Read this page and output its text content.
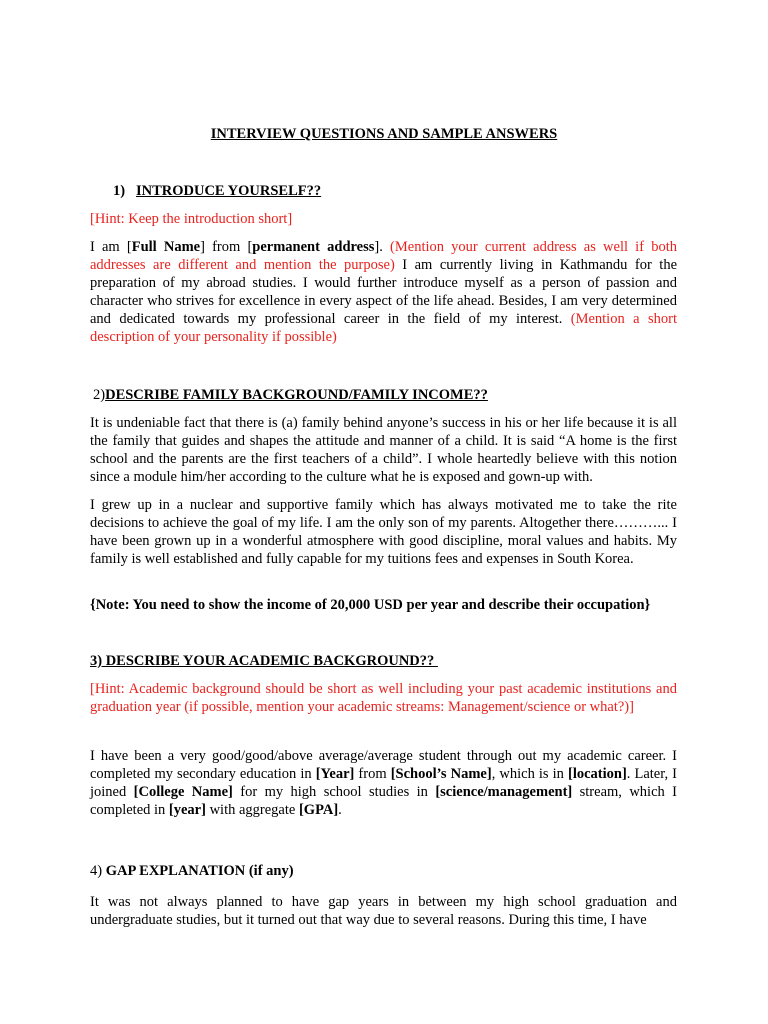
INTERVIEW QUESTIONS AND SAMPLE ANSWERS
1) INTRODUCE YOURSELF??
[Hint: Keep the introduction short]
I am [Full Name] from [permanent address]. (Mention your current address as well if both addresses are different and mention the purpose) I am currently living in Kathmandu for the preparation of my abroad studies. I would further introduce myself as a person of passion and character who strives for excellence in every aspect of the life ahead. Besides, I am very determined and dedicated towards my professional career in the field of my interest. (Mention a short description of your personality if possible)
2)DESCRIBE FAMILY BACKGROUND/FAMILY INCOME??
It is undeniable fact that there is (a) family behind anyone’s success in his or her life because it is all the family that guides and shapes the attitude and manner of a child. It is said “A home is the first school and the parents are the first teachers of a child”. I whole heartedly believe with this notion since a module him/her according to the culture what he is exposed and gown-up with.
I grew up in a nuclear and supportive family which has always motivated me to take the rite decisions to achieve the goal of my life. I am the only son of my parents. Altogether there………... I have been grown up in a wonderful atmosphere with good discipline, moral values and habits. My family is well established and fully capable for my tuitions fees and expenses in South Korea.
{Note: You need to show the income of 20,000 USD per year and describe their occupation}
3) DESCRIBE YOUR ACADEMIC BACKGROUND??
[Hint: Academic background should be short as well including your past academic institutions and graduation year (if possible, mention your academic streams: Management/science or what?)]
I have been a very good/good/above average/average student through out my academic career. I completed my secondary education in [Year] from [School’s Name], which is in [location]. Later, I joined [College Name] for my high school studies in [science/management] stream, which I completed in [year] with aggregate [GPA].
4) GAP EXPLANATION (if any)
It was not always planned to have gap years in between my high school graduation and undergraduate studies, but it turned out that way due to several reasons. During this time, I have
